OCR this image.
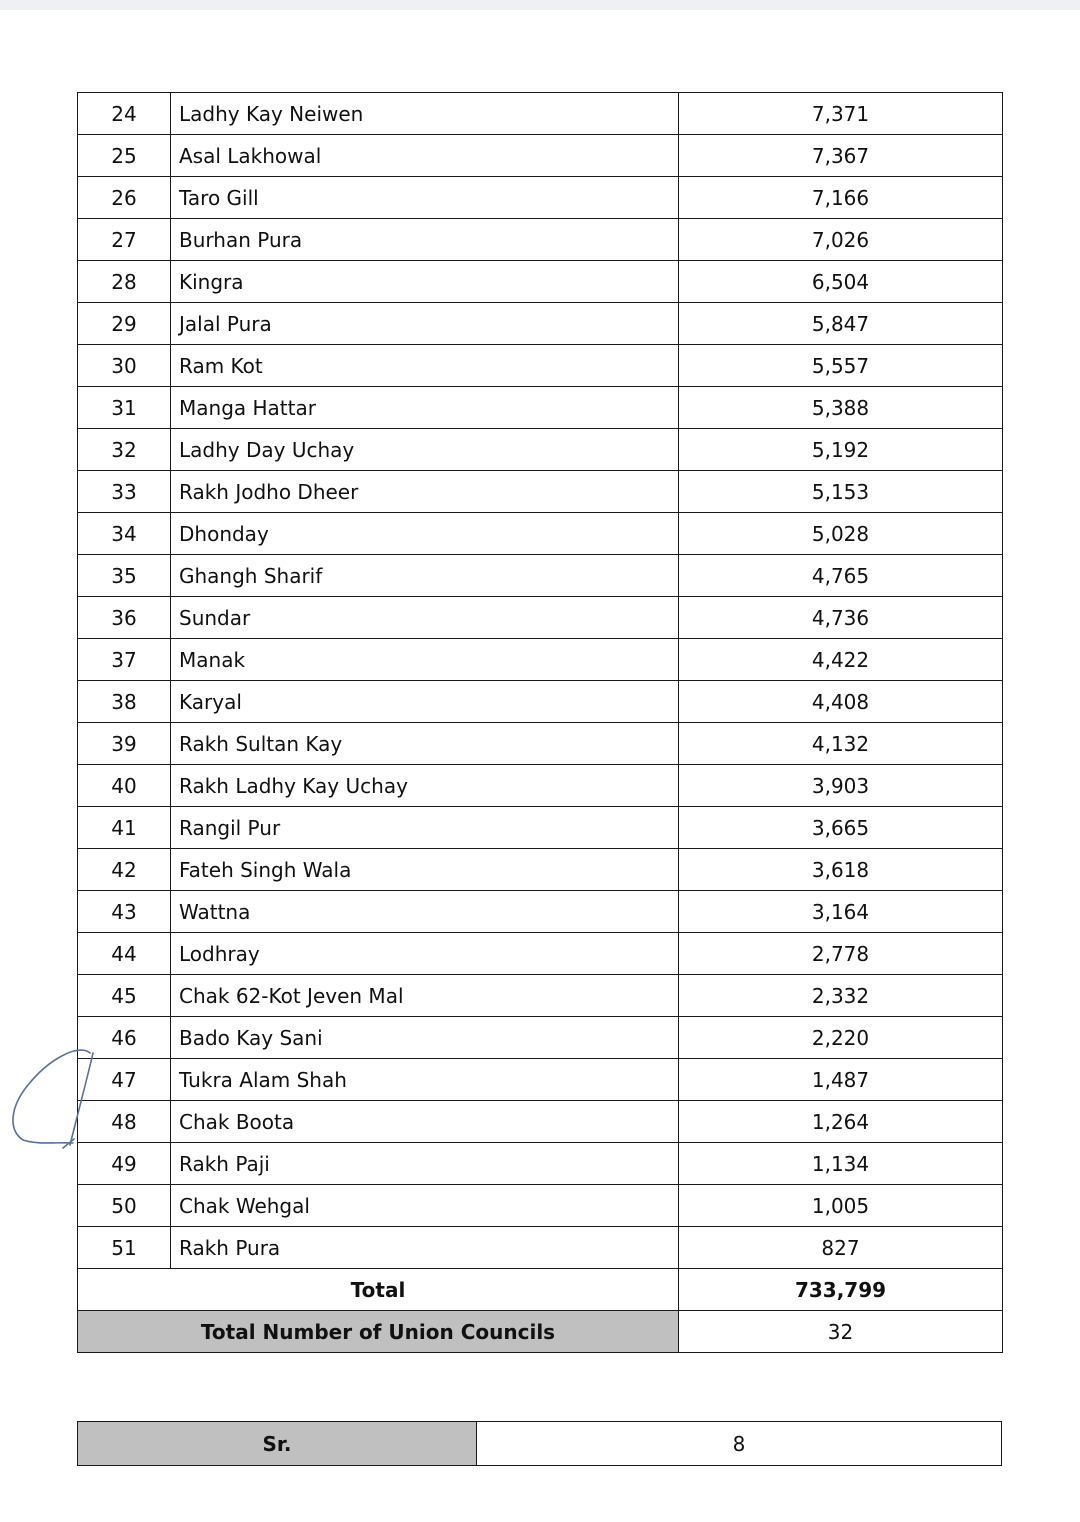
24	Ladhy Kay Neiwen	7,371
25	Asal Lakhowal	7,367
26	Taro Gill	7,166
27	Burhan Pura	7,026
28	Kingra	6,504
29	Jalal Pura	5,847
30	Ram Kot	5,557
31	Manga Hattar	5,388
32	Ladhy Day Uchay	5,192
33	Rakh Jodho Dheer	5,153
34	Dhonday	5,028
35	Ghangh Sharif	4,765
36	Sundar	4,736
37	Manak	4,422
38	Karyal	4,408
39	Rakh Sultan Kay	4,132
40	Rakh Ladhy Kay Uchay	3,903
41	Rangil Pur	3,665
42	Fateh Singh Wala	3,618
43	Wattna	3,164
44	Lodhray	2,778
45	Chak 62-Kot Jeven Mal	2,332
46	Bado Kay Sani	2,220
47	Tukra Alam Shah	1,487
48	Chak Boota	1,264
49	Rakh Paji	1,134
50	Chak Wehgal	1,005
51	Rakh Pura	827
Total		733,799
Total Number of Union Councils		32
Sr.	8
